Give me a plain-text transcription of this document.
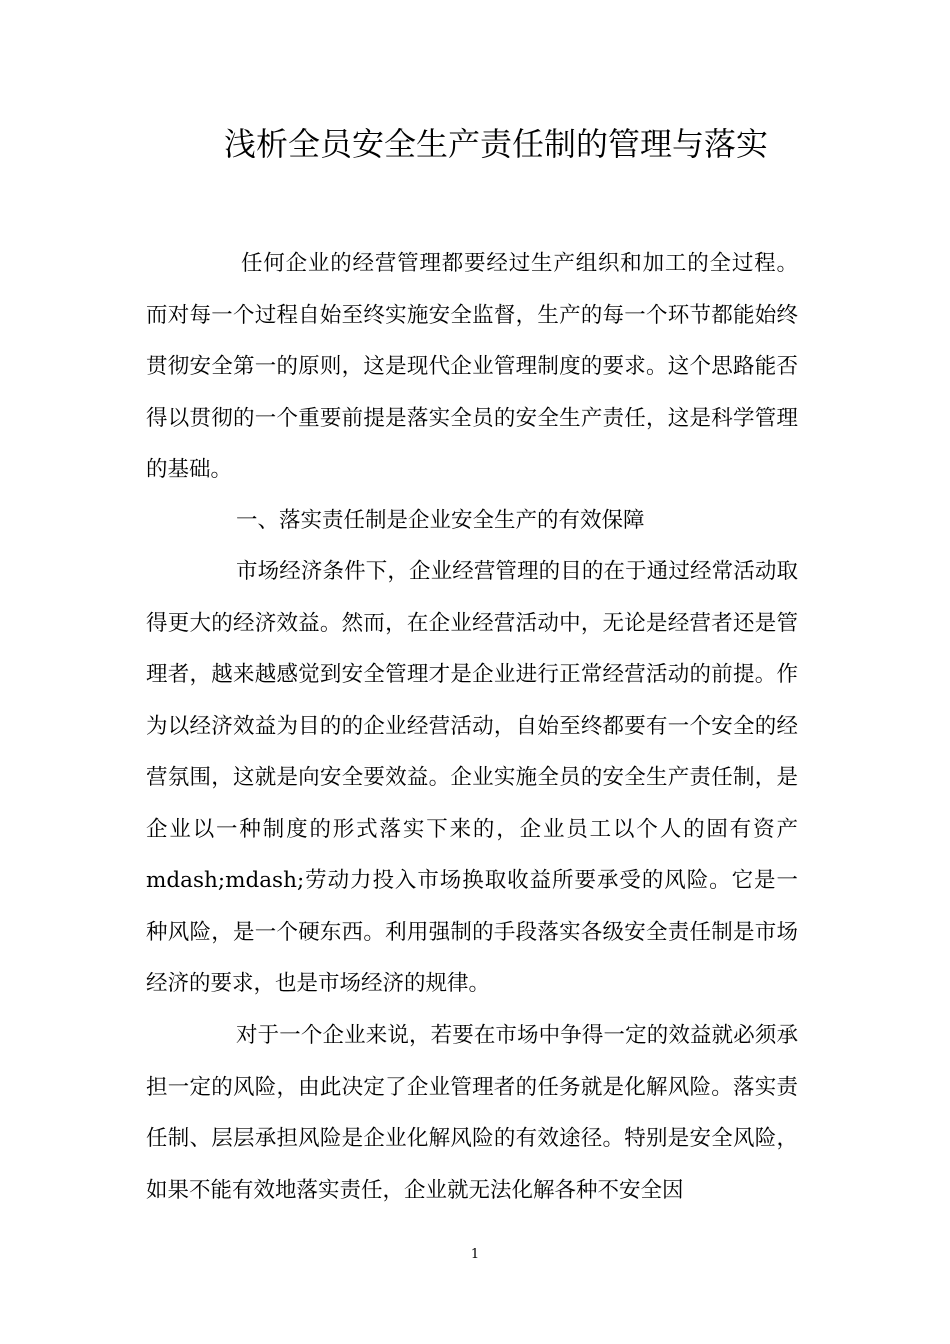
浅析全员安全生产责任制的管理与落实

任何企业的经营管理都要经过生产组织和加工的全过程。而对每一个过程自始至终实施安全监督，生产的每一个环节都能始终贯彻安全第一的原则，这是现代企业管理制度的要求。这个思路能否得以贯彻的一个重要前提是落实全员的安全生产责任，这是科学管理的基础。

一、落实责任制是企业安全生产的有效保障

市场经济条件下，企业经营管理的目的在于通过经常活动取得更大的经济效益。然而，在企业经营活动中，无论是经营者还是管理者，越来越感觉到安全管理才是企业进行正常经营活动的前提。作为以经济效益为目的的企业经营活动，自始至终都要有一个安全的经营氛围，这就是向安全要效益。企业实施全员的安全生产责任制，是企业以一种制度的形式落实下来的，企业员工以个人的固有资产 mdash;mdash;劳动力投入市场换取收益所要承受的风险。它是一种风险，是一个硬东西。利用强制的手段落实各级安全责任制是市场经济的要求，也是市场经济的规律。

对于一个企业来说，若要在市场中争得一定的效益就必须承担一定的风险，由此决定了企业管理者的任务就是化解风险。落实责任制、层层承担风险是企业化解风险的有效途径。特别是安全风险，如果不能有效地落实责任，企业就无法化解各种不安全因

1
